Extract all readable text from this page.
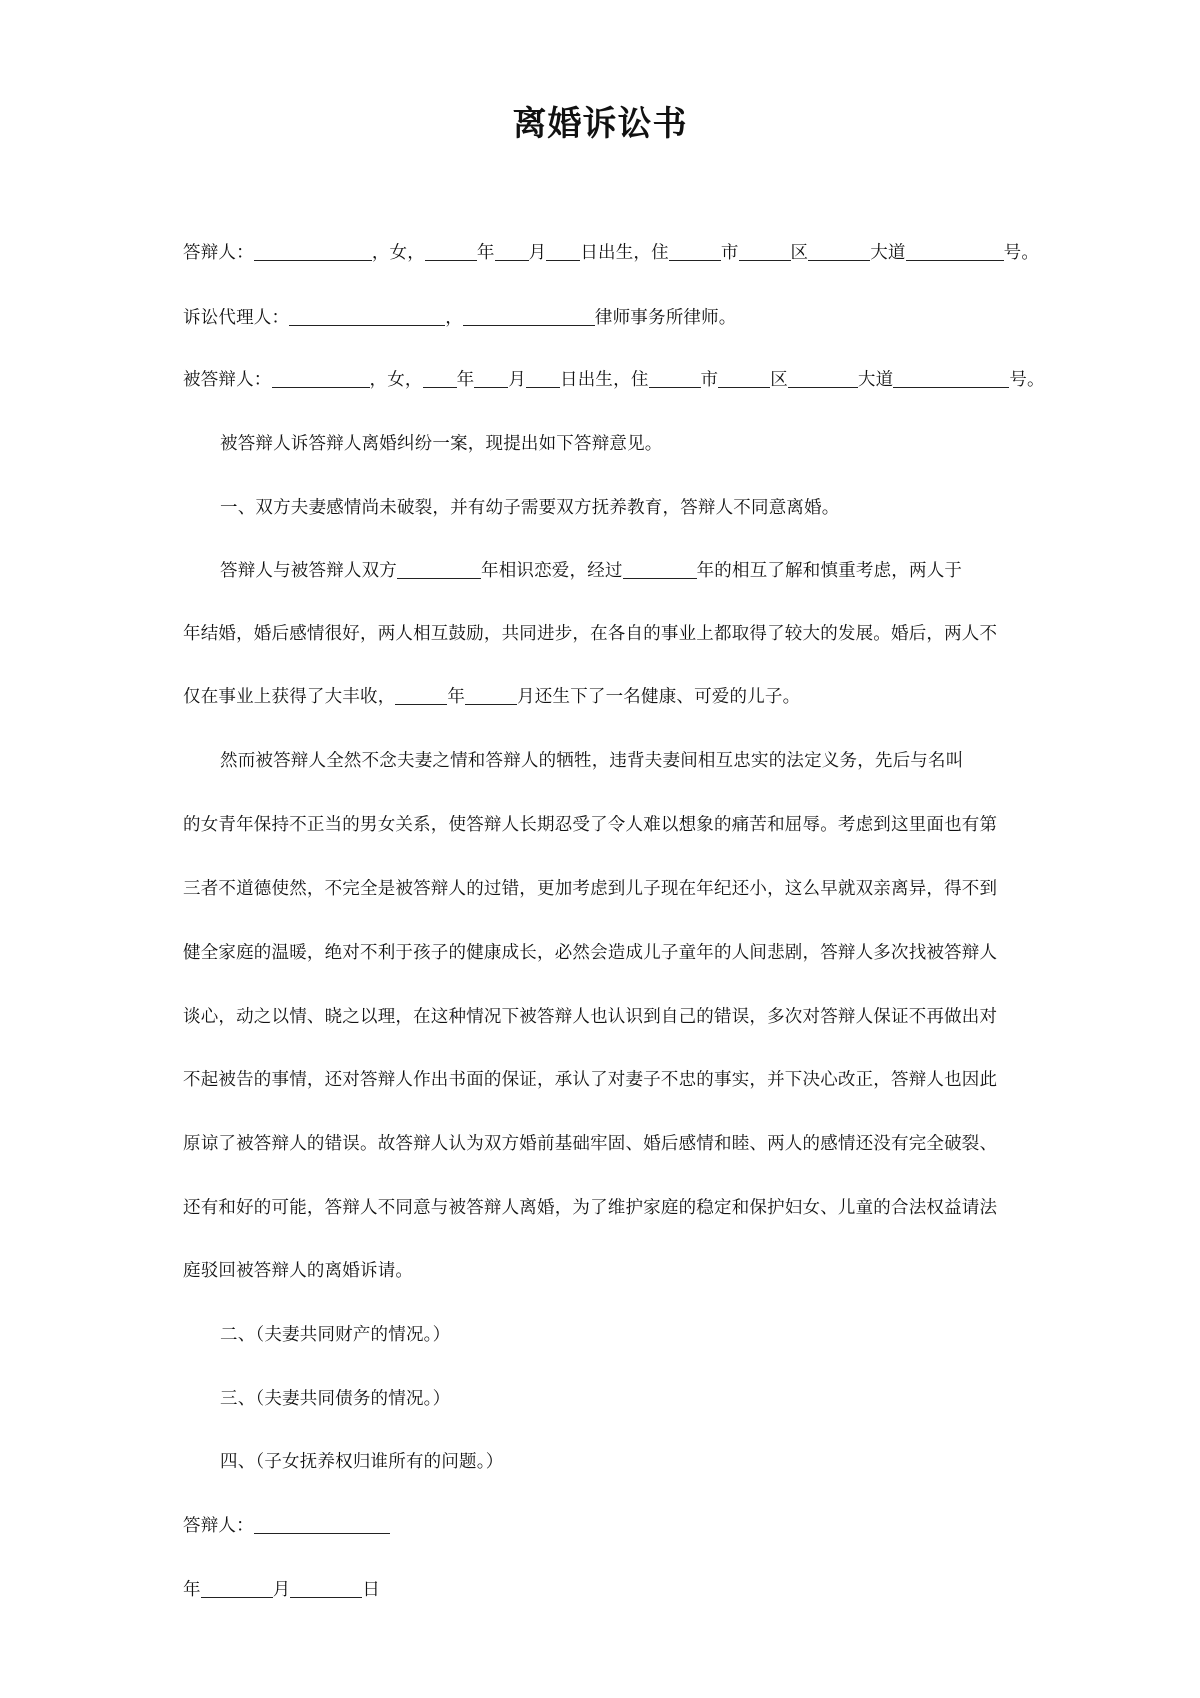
离婚诉讼书
答辩人：	，女，	年 月 日出生，住	市	区	大道	号。
诉讼代理人：	，	律师事务所律师。
被答辩人：	，女， 年 月 日出生，住	市	区	大道	号。
被答辩人诉答辩人离婚纠纷一案，现提出如下答辩意见。
一、双方夫妻感情尚未破裂，并有幼子需要双方抚养教育，答辩人不同意离婚。
答辩人与被答辩人双方	年相识恋爱，经过	年的相互了解和慎重考虑，两人于
年结婚，婚后感情很好，两人相互鼓励，共同进步，在各自的事业上都取得了较大的发展。婚后，两人不
仅在事业上获得了大丰收，	年	月还生下了一名健康、可爱的儿子。
然而被答辩人全然不念夫妻之情和答辩人的牺牲，违背夫妻间相互忠实的法定义务，先后与名叫
的女青年保持不正当的男女关系，使答辩人长期忍受了令人难以想象的痛苦和屈辱。考虑到这里面也有第
三者不道德使然，不完全是被答辩人的过错，更加考虑到儿子现在年纪还小，这么早就双亲离异，得不到
健全家庭的温暖，绝对不利于孩子的健康成长，必然会造成儿子童年的人间悲剧，答辩人多次找被答辩人
谈心，动之以情、晓之以理，在这种情况下被答辩人也认识到自己的错误，多次对答辩人保证不再做出对
不起被告的事情，还对答辩人作出书面的保证，承认了对妻子不忠的事实，并下决心改正，答辩人也因此
原谅了被答辩人的错误。故答辩人认为双方婚前基础牢固、婚后感情和睦、两人的感情还没有完全破裂、
还有和好的可能，答辩人不同意与被答辩人离婚，为了维护家庭的稳定和保护妇女、儿童的合法权益请法
庭驳回被答辩人的离婚诉请。
二、（夫妻共同财产的情况。）
三、（夫妻共同债务的情况。）
四、（子女抚养权归谁所有的问题。）
答辩人：
年	月	日
